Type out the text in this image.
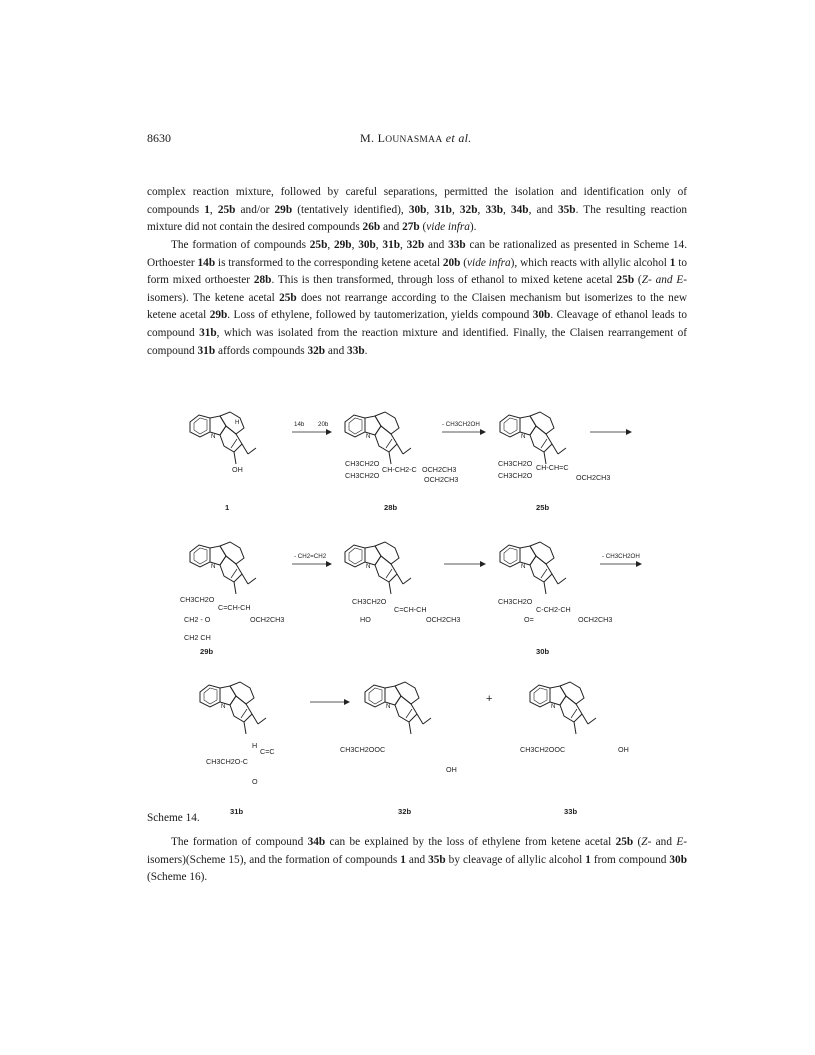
8630	M. LOUNASMAA et al.

complex reaction mixture, followed by careful separations, permitted the isolation and identification only of compounds 1, 25b and/or 29b (tentatively identified), 30b, 31b, 32b, 33b, 34b, and 35b. The resulting reaction mixture did not contain the desired compounds 26b and 27b (vide infra).

The formation of compounds 25b, 29b, 30b, 31b, 32b and 33b can be rationalized as presented in Scheme 14. Orthoester 14b is transformed to the corresponding ketene acetal 20b (vide infra), which reacts with allylic alcohol 1 to form mixed orthoester 28b. This is then transformed, through loss of ethanol to mixed ketene acetal 25b (Z- and E-isomers). The ketene acetal 25b does not rearrange according to the Claisen mechanism but isomerizes to the new ketene acetal 29b. Loss of ethylene, followed by tautomerization, yields compound 30b. Cleavage of ethanol leads to compound 31b, which was isolated from the reaction mixture and identified. Finally, the Claisen rearrangement of compound 31b affords compounds 32b and 33b.

N
H
OH
1
14b 20b
N
CH3CH2O
CH3CH2O
CH-CH2-C OCH2CH3
OCH2CH3
28b
- CH3CH2OH
N
CH3CH2O
CH3CH2O
CH-CH=C
OCH2CH3
25b
N
CH3CH2O
C=CH-CH
OCH2CH3
CH2 - O
CH2 CH
29b
- CH2=CH2
N
CH3CH2O
C=CH-CH
HO	OCH2CH3
N
CH3CH2O
C-CH2-CH
O=	OCH2CH3
30b
- CH3CH2OH
N
H
C=C
CH3CH2O-C
O
31b
N
CH3CH2OOC
OH
32b
+
N
CH3CH2OOC	OH
33b
Scheme 14.

The formation of compound 34b can be explained by the loss of ethylene from ketene acetal 25b (Z- and E-isomers)(Scheme 15), and the formation of compounds 1 and 35b by cleavage of allylic alcohol 1 from compound 30b (Scheme 16).
